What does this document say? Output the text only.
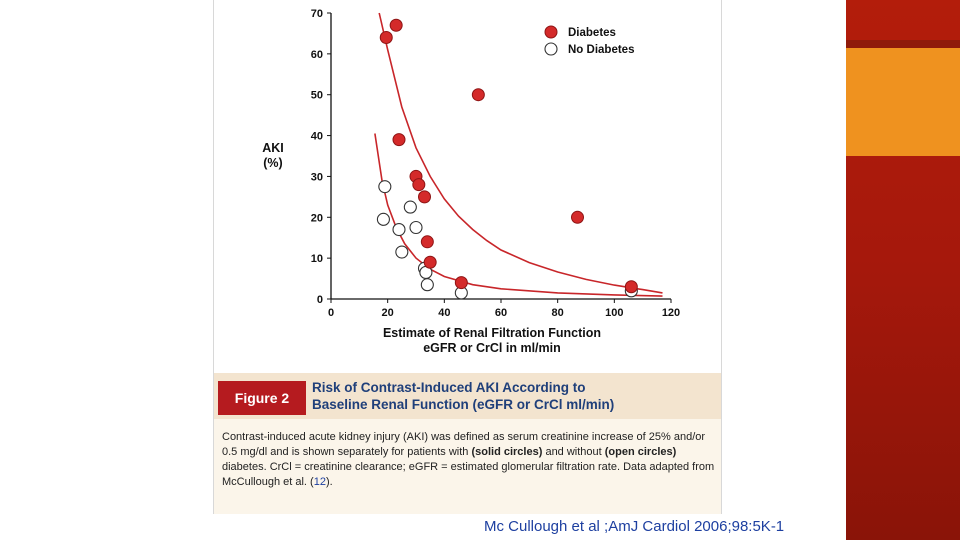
0	20	40	60	80	100	120
0
10
20
30
40
50
60
70
Diabetes
No Diabetes
AKI
(%)
Estimate of Renal Filtration Function
eGFR or CrCl in ml/min
Figure 2
Risk of Contrast-Induced AKI According to
Baseline Renal Function (eGFR or CrCl ml/min)
Contrast-induced acute kidney injury (AKI) was defined as serum creatinine increase of 25% and/or 0.5 mg/dl and is shown separately for patients with (solid circles) and without (open circles) diabetes. CrCl = creatinine clearance; eGFR = estimated glomerular filtration rate. Data adapted from McCullough et al. (12).
Mc Cullough et al ;AmJ Cardiol 2006;98:5K-1
